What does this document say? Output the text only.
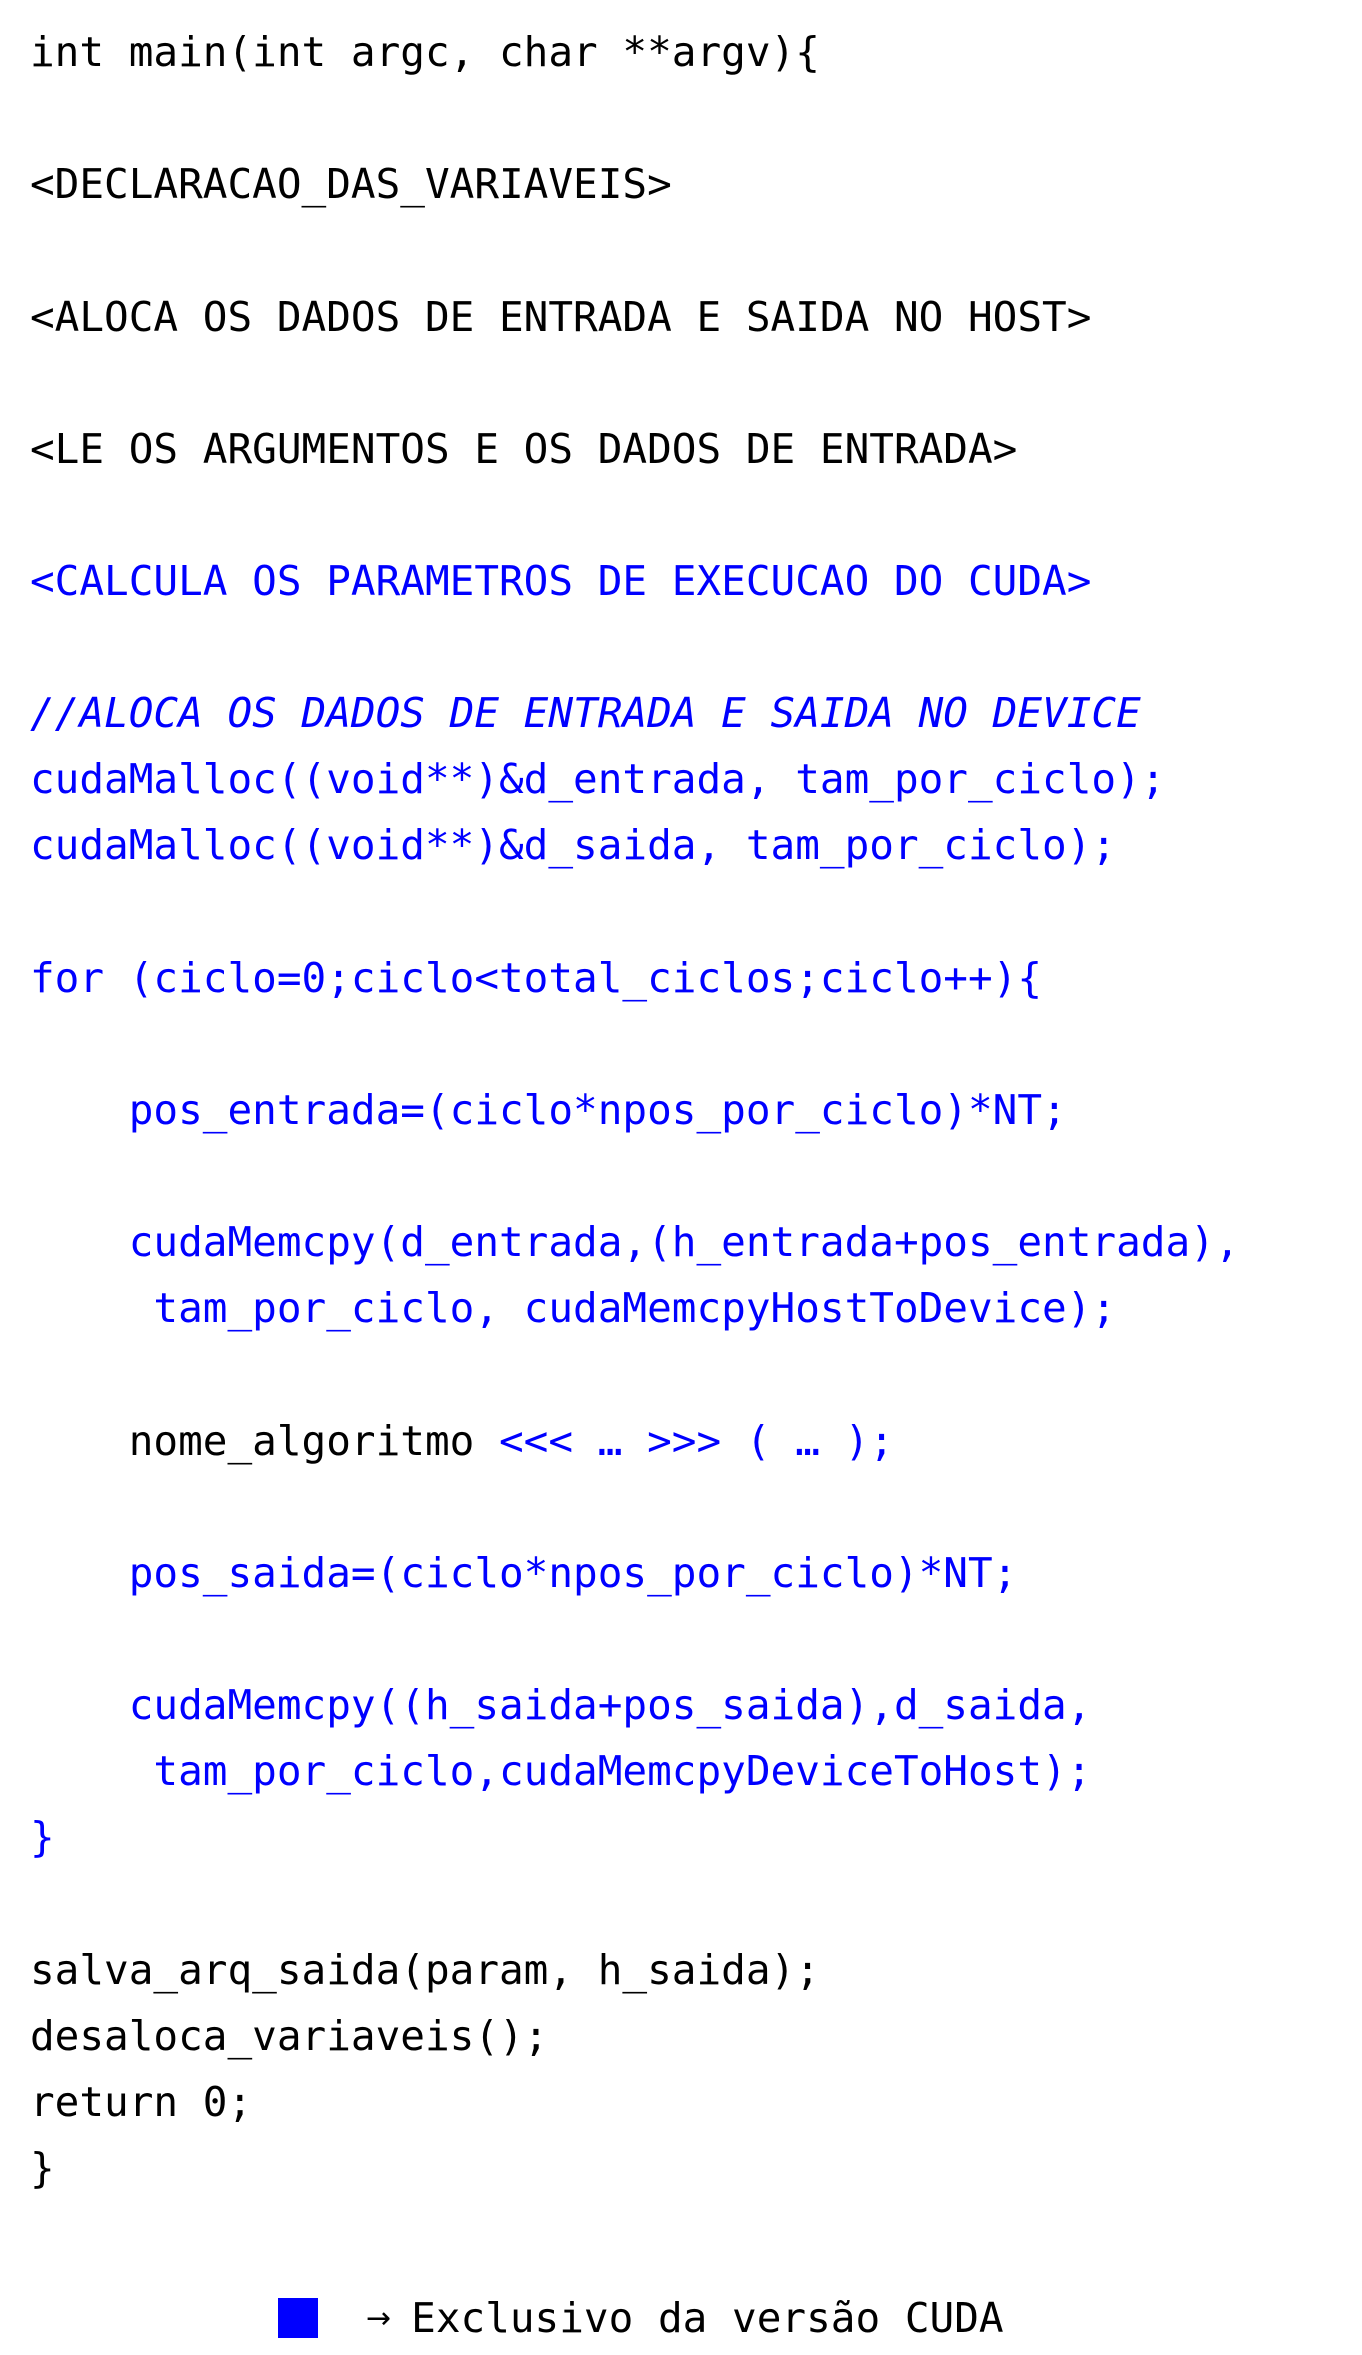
int main(int argc, char **argv){
<DECLARACAO_DAS_VARIAVEIS>
<ALOCA OS DADOS DE ENTRADA E SAIDA NO HOST>
<LE OS ARGUMENTOS E OS DADOS DE ENTRADA>
<CALCULA OS PARAMETROS DE EXECUCAO DO CUDA>
//ALOCA OS DADOS DE ENTRADA E SAIDA NO DEVICE
cudaMalloc((void**)&d_entrada, tam_por_ciclo);
cudaMalloc((void**)&d_saida, tam_por_ciclo);
for (ciclo=0;ciclo<total_ciclos;ciclo++){
pos_entrada=(ciclo*npos_por_ciclo)*NT;
cudaMemcpy(d_entrada,(h_entrada+pos_entrada),
tam_por_ciclo, cudaMemcpyHostToDevice);
nome_algoritmo <<< … >>> ( … );
pos_saida=(ciclo*npos_por_ciclo)*NT;
cudaMemcpy((h_saida+pos_saida),d_saida,
tam_por_ciclo,cudaMemcpyDeviceToHost);
}
salva_arq_saida(param, h_saida);
desaloca_variaveis();
return 0;
}
→ Exclusivo da versão CUDA
